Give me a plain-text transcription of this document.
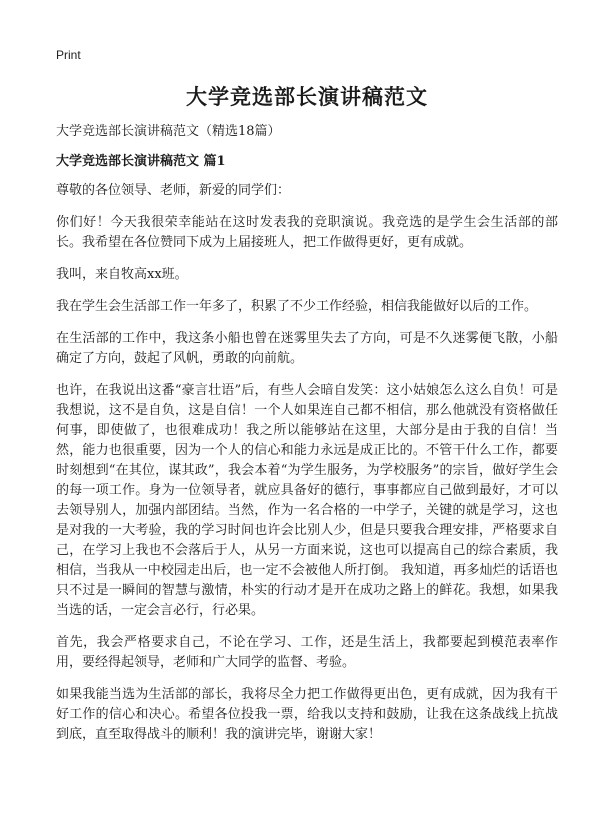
Print
大学竞选部长演讲稿范文
大学竞选部长演讲稿范文（精选18篇）
大学竞选部长演讲稿范文 篇1

尊敬的各位领导、老师，新爱的同学们：

你们好！今天我很荣幸能站在这时发表我的竞职演说。我竞选的是学生会生活部的部长。我希望在各位赞同下成为上届接班人，把工作做得更好，更有成就。

我叫，来自牧高xx班。

我在学生会生活部工作一年多了，积累了不少工作经验，相信我能做好以后的工作。

在生活部的工作中，我这条小船也曾在迷雾里失去了方向，可是不久迷雾便飞散，小船确定了方向，鼓起了风帆，勇敢的向前航。

也许，在我说出这番“豪言壮语”后，有些人会暗自发笑：这小姑娘怎么这么自负！可是我想说，这不是自负，这是自信！一个人如果连自己都不相信，那么他就没有资格做任何事，即使做了，也很难成功！我之所以能够站在这里，大部分是由于我的自信！当然，能力也很重要，因为一个人的信心和能力永远是成正比的。不管干什么工作，都要时刻想到“在其位，谋其政”，我会本着“为学生服务，为学校服务”的宗旨，做好学生会的每一项工作。身为一位领导者，就应具备好的德行，事事都应自己做到最好，才可以去领导别人，加强内部团结。当然，作为一名合格的一中学子，关键的就是学习，这也是对我的一大考验，我的学习时间也许会比别人少，但是只要我合理安排，严格要求自己，在学习上我也不会落后于人，从另一方面来说，这也可以提高自己的综合素质，我相信，当我从一中校园走出后，也一定不会被他人所打倒。 我知道，再多灿烂的话语也只不过是一瞬间的智慧与激情，朴实的行动才是开在成功之路上的鲜花。我想，如果我当选的话，一定会言必行，行必果。

首先，我会严格要求自己，不论在学习、工作，还是生活上，我都要起到模范表率作用，要经得起领导，老师和广大同学的监督、考验。

如果我能当选为生活部的部长，我将尽全力把工作做得更出色，更有成就，因为我有干好工作的信心和决心。希望各位投我一票，给我以支持和鼓励，让我在这条战线上抗战到底，直至取得战斗的顺利！我的演讲完毕，谢谢大家！
